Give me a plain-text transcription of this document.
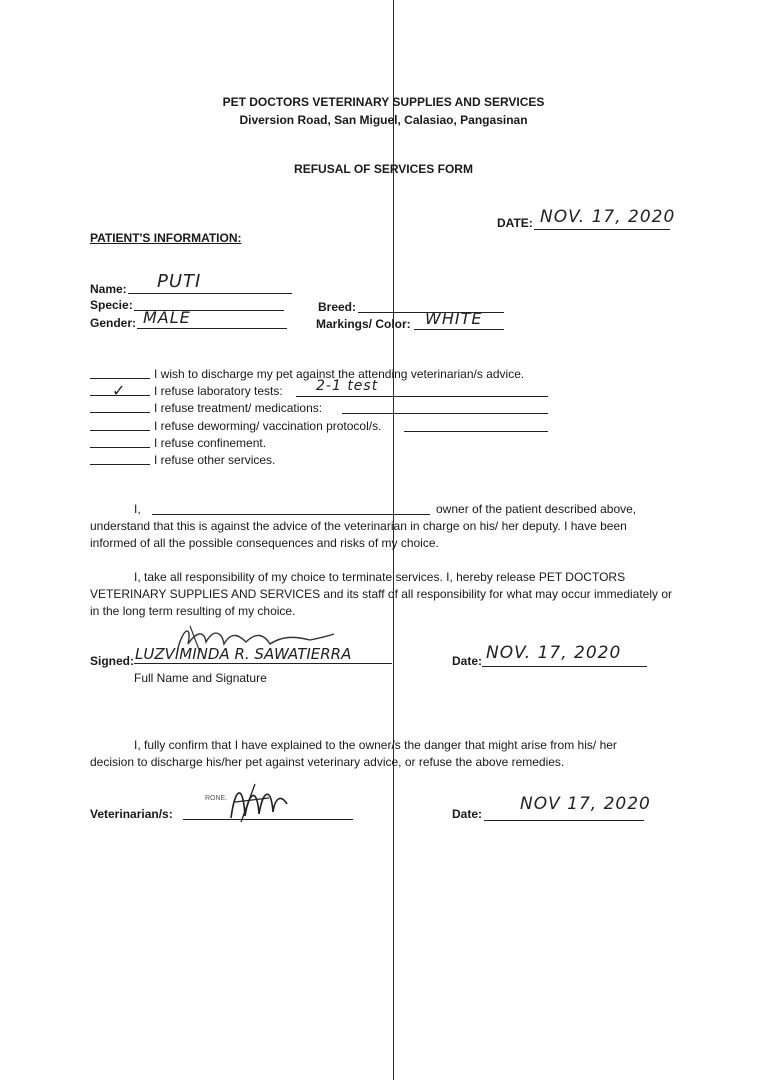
PET DOCTORS VETERINARY SUPPLIES AND SERVICES
Diversion Road, San Miguel, Calasiao, Pangasinan
REFUSAL OF SERVICES FORM
DATE: NOV. 17, 2020
PATIENT'S INFORMATION:
Name: PUTI
Specie:
Gender: MALE
Breed:
Markings/ Color: WHITE
I wish to discharge my pet against the attending veterinarian/s advice.
✓ I refuse laboratory tests: 2-1 test
I refuse treatment/ medications:
I refuse deworming/ vaccination protocol/s.
I refuse confinement.
I refuse other services.
I,	owner of the patient described above,
understand that this is against the advice of the veterinarian in charge on his/ her deputy. I have been
informed of all the possible consequences and risks of my choice.
I, take all responsibility of my choice to terminate services. I, hereby release PET DOCTORS
VETERINARY SUPPLIES AND SERVICES and its staff of all responsibility for what may occur immediately or
in the long term resulting of my choice.
Signed: LUZVIMINDA R. SAWATIERRA
Full Name and Signature
Date: NOV. 17, 2020
I, fully confirm that I have explained to the owner/s the danger that might arise from his/ her
decision to discharge his/her pet against veterinary advice, or refuse the above remedies.
RONE.
Veterinarian/s:	Date: NOV 17, 2020
